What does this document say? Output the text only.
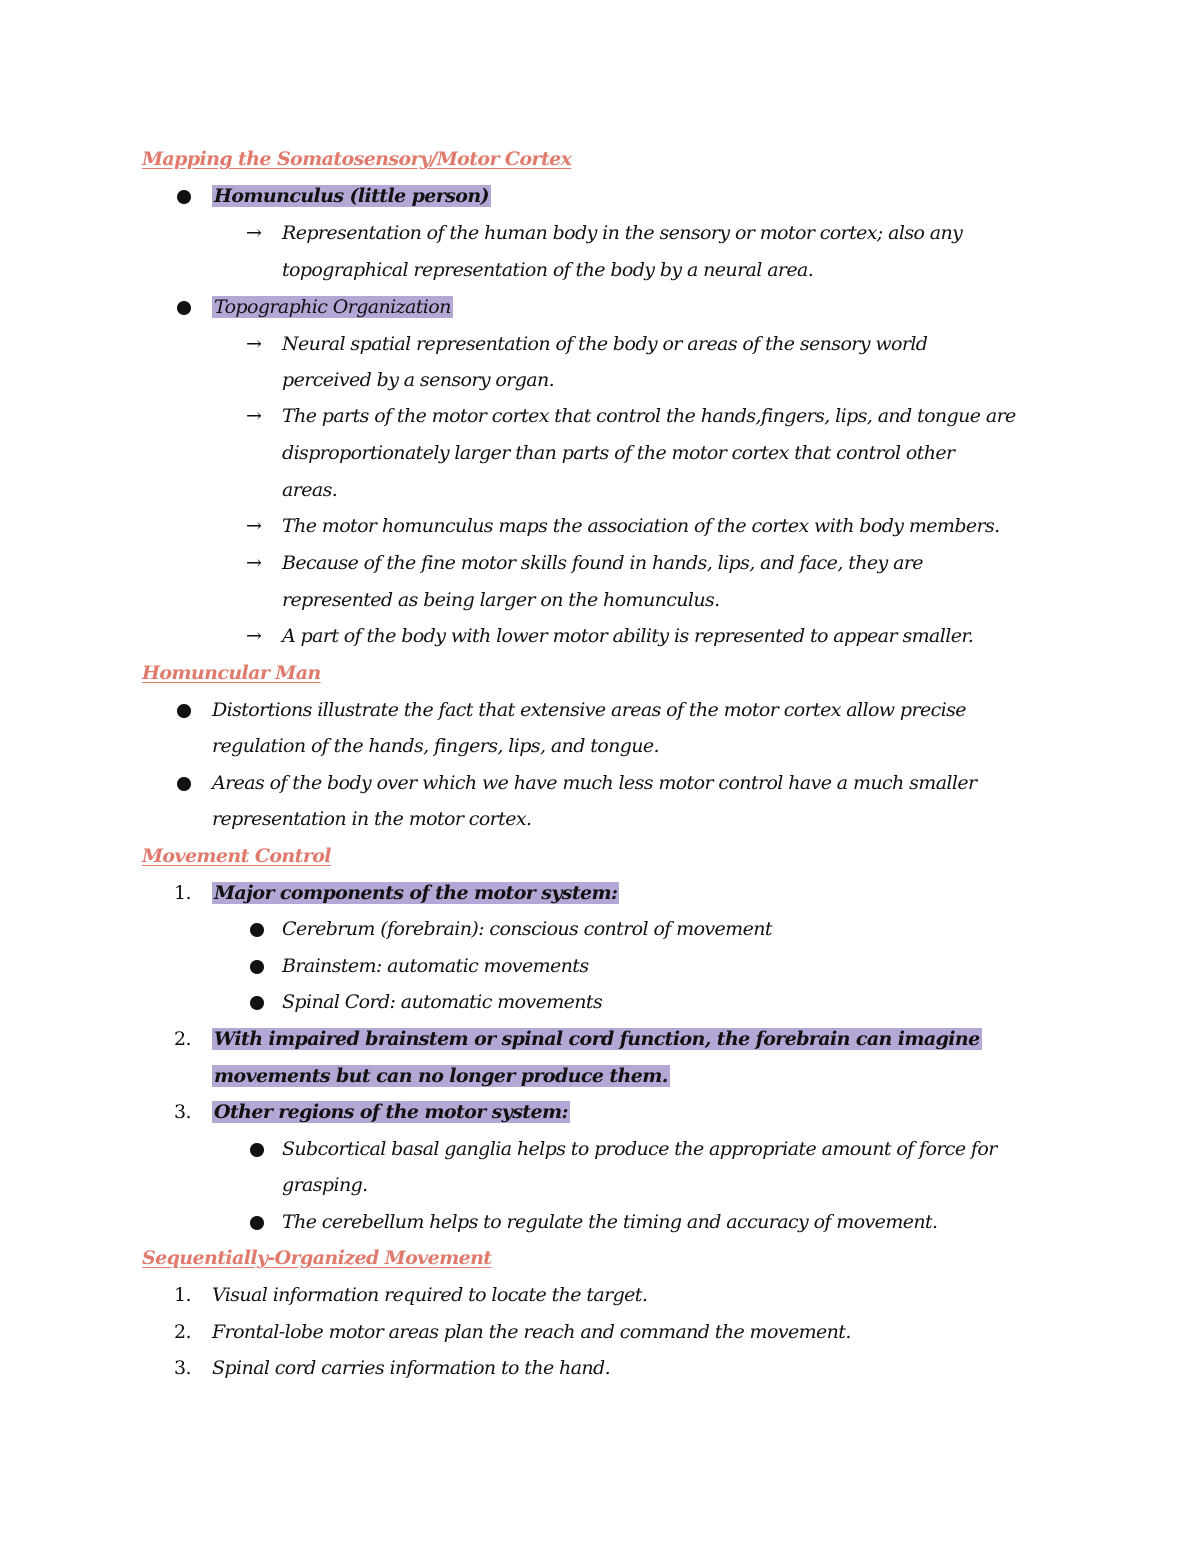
Mapping the Somatosensory/Motor Cortex

Homunculus (little person)

→ Representation of the human body in the sensory or motor cortex; also any

topographical representation of the body by a neural area.

Topographic Organization

→ Neural spatial representation of the body or areas of the sensory world

perceived by a sensory organ.

→ The parts of the motor cortex that control the hands,fingers, lips, and tongue are

disproportionately larger than parts of the motor cortex that control other

areas.

→ The motor homunculus maps the association of the cortex with body members.

→ Because of the fine motor skills found in hands, lips, and face, they are

represented as being larger on the homunculus.

→ A part of the body with lower motor ability is represented to appear smaller.

Homuncular Man

Distortions illustrate the fact that extensive areas of the motor cortex allow precise

regulation of the hands, fingers, lips, and tongue.

Areas of the body over which we have much less motor control have a much smaller

representation in the motor cortex.

Movement Control

1. Major components of the motor system:

Cerebrum (forebrain): conscious control of movement

Brainstem: automatic movements

Spinal Cord: automatic movements

2. With impaired brainstem or spinal cord function, the forebrain can imagine

movements but can no longer produce them.

3. Other regions of the motor system:

Subcortical basal ganglia helps to produce the appropriate amount of force for

grasping.

The cerebellum helps to regulate the timing and accuracy of movement.

Sequentially-Organized Movement

1. Visual information required to locate the target.

2. Frontal-lobe motor areas plan the reach and command the movement.

3. Spinal cord carries information to the hand.
